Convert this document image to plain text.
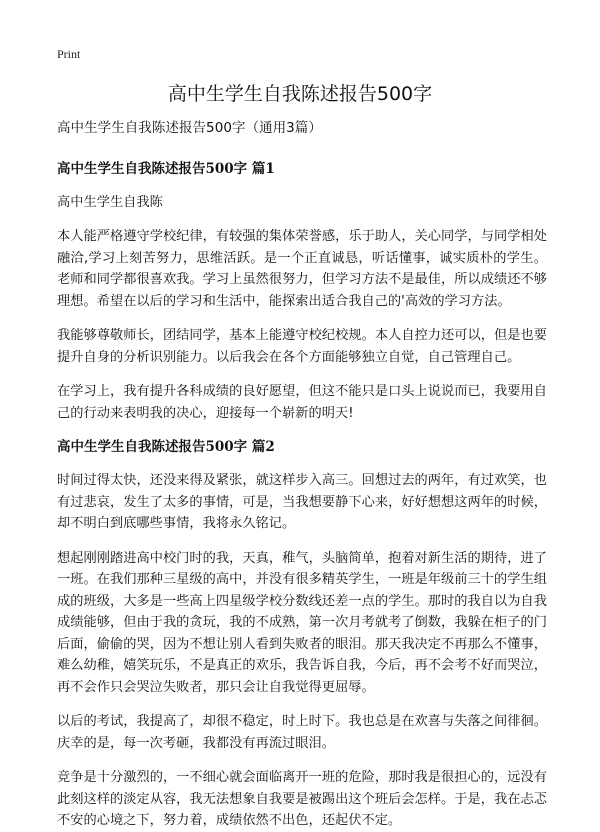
Print
高中生学生自我陈述报告500字

高中生学生自我陈述报告500字（通用3篇）

高中生学生自我陈述报告500字 篇1

高中生学生自我陈

本人能严格遵守学校纪律，有较强的集体荣誉感，乐于助人，关心同学，与同学相处融洽,学习上刻苦努力，思维活跃。是一个正直诚恳，听话懂事，诚实质朴的学生。老师和同学都很喜欢我。学习上虽然很努力，但学习方法不是最佳，所以成绩还不够理想。希望在以后的学习和生活中，能探索出适合我自己的'高效的学习方法。

我能够尊敬师长，团结同学，基本上能遵守校纪校规。本人自控力还可以，但是也要提升自身的分析识别能力。以后我会在各个方面能够独立自觉，自己管理自己。

在学习上，我有提升各科成绩的良好愿望，但这不能只是口头上说说而已，我要用自己的行动来表明我的决心，迎接每一个崭新的明天!

高中生学生自我陈述报告500字 篇2

时间过得太快，还没来得及紧张，就这样步入高三。回想过去的两年，有过欢笑，也有过悲哀，发生了太多的事情，可是，当我想要静下心来，好好想想这两年的时候，却不明白到底哪些事情，我将永久铭记。

想起刚刚踏进高中校门时的我，天真，稚气，头脑简单，抱着对新生活的期待，进了一班。在我们那种三星级的高中，并没有很多精英学生，一班是年级前三十的学生组成的班级，大多是一些高上四星级学校分数线还差一点的学生。那时的我自以为自我成绩能够，但由于我的贪玩，我的不成熟，第一次月考就考了倒数，我躲在柜子的门后面，偷偷的哭，因为不想让别人看到失败者的眼泪。那天我决定不再那么不懂事，难么幼稚，嬉笑玩乐，不是真正的欢乐，我告诉自我，今后，再不会考不好而哭泣，再不会作只会哭泣失败者，那只会让自我觉得更屈辱。

以后的考试，我提高了，却很不稳定，时上时下。我也总是在欢喜与失落之间徘徊。庆幸的是，每一次考砸，我都没有再流过眼泪。

竞争是十分激烈的，一不细心就会面临离开一班的危险，那时我是很担心的，远没有此刻这样的淡定从容，我无法想象自我要是被踢出这个班后会怎样。于是，我在忐忑不安的心境之下，努力着，成绩依然不出色，还起伏不定。
